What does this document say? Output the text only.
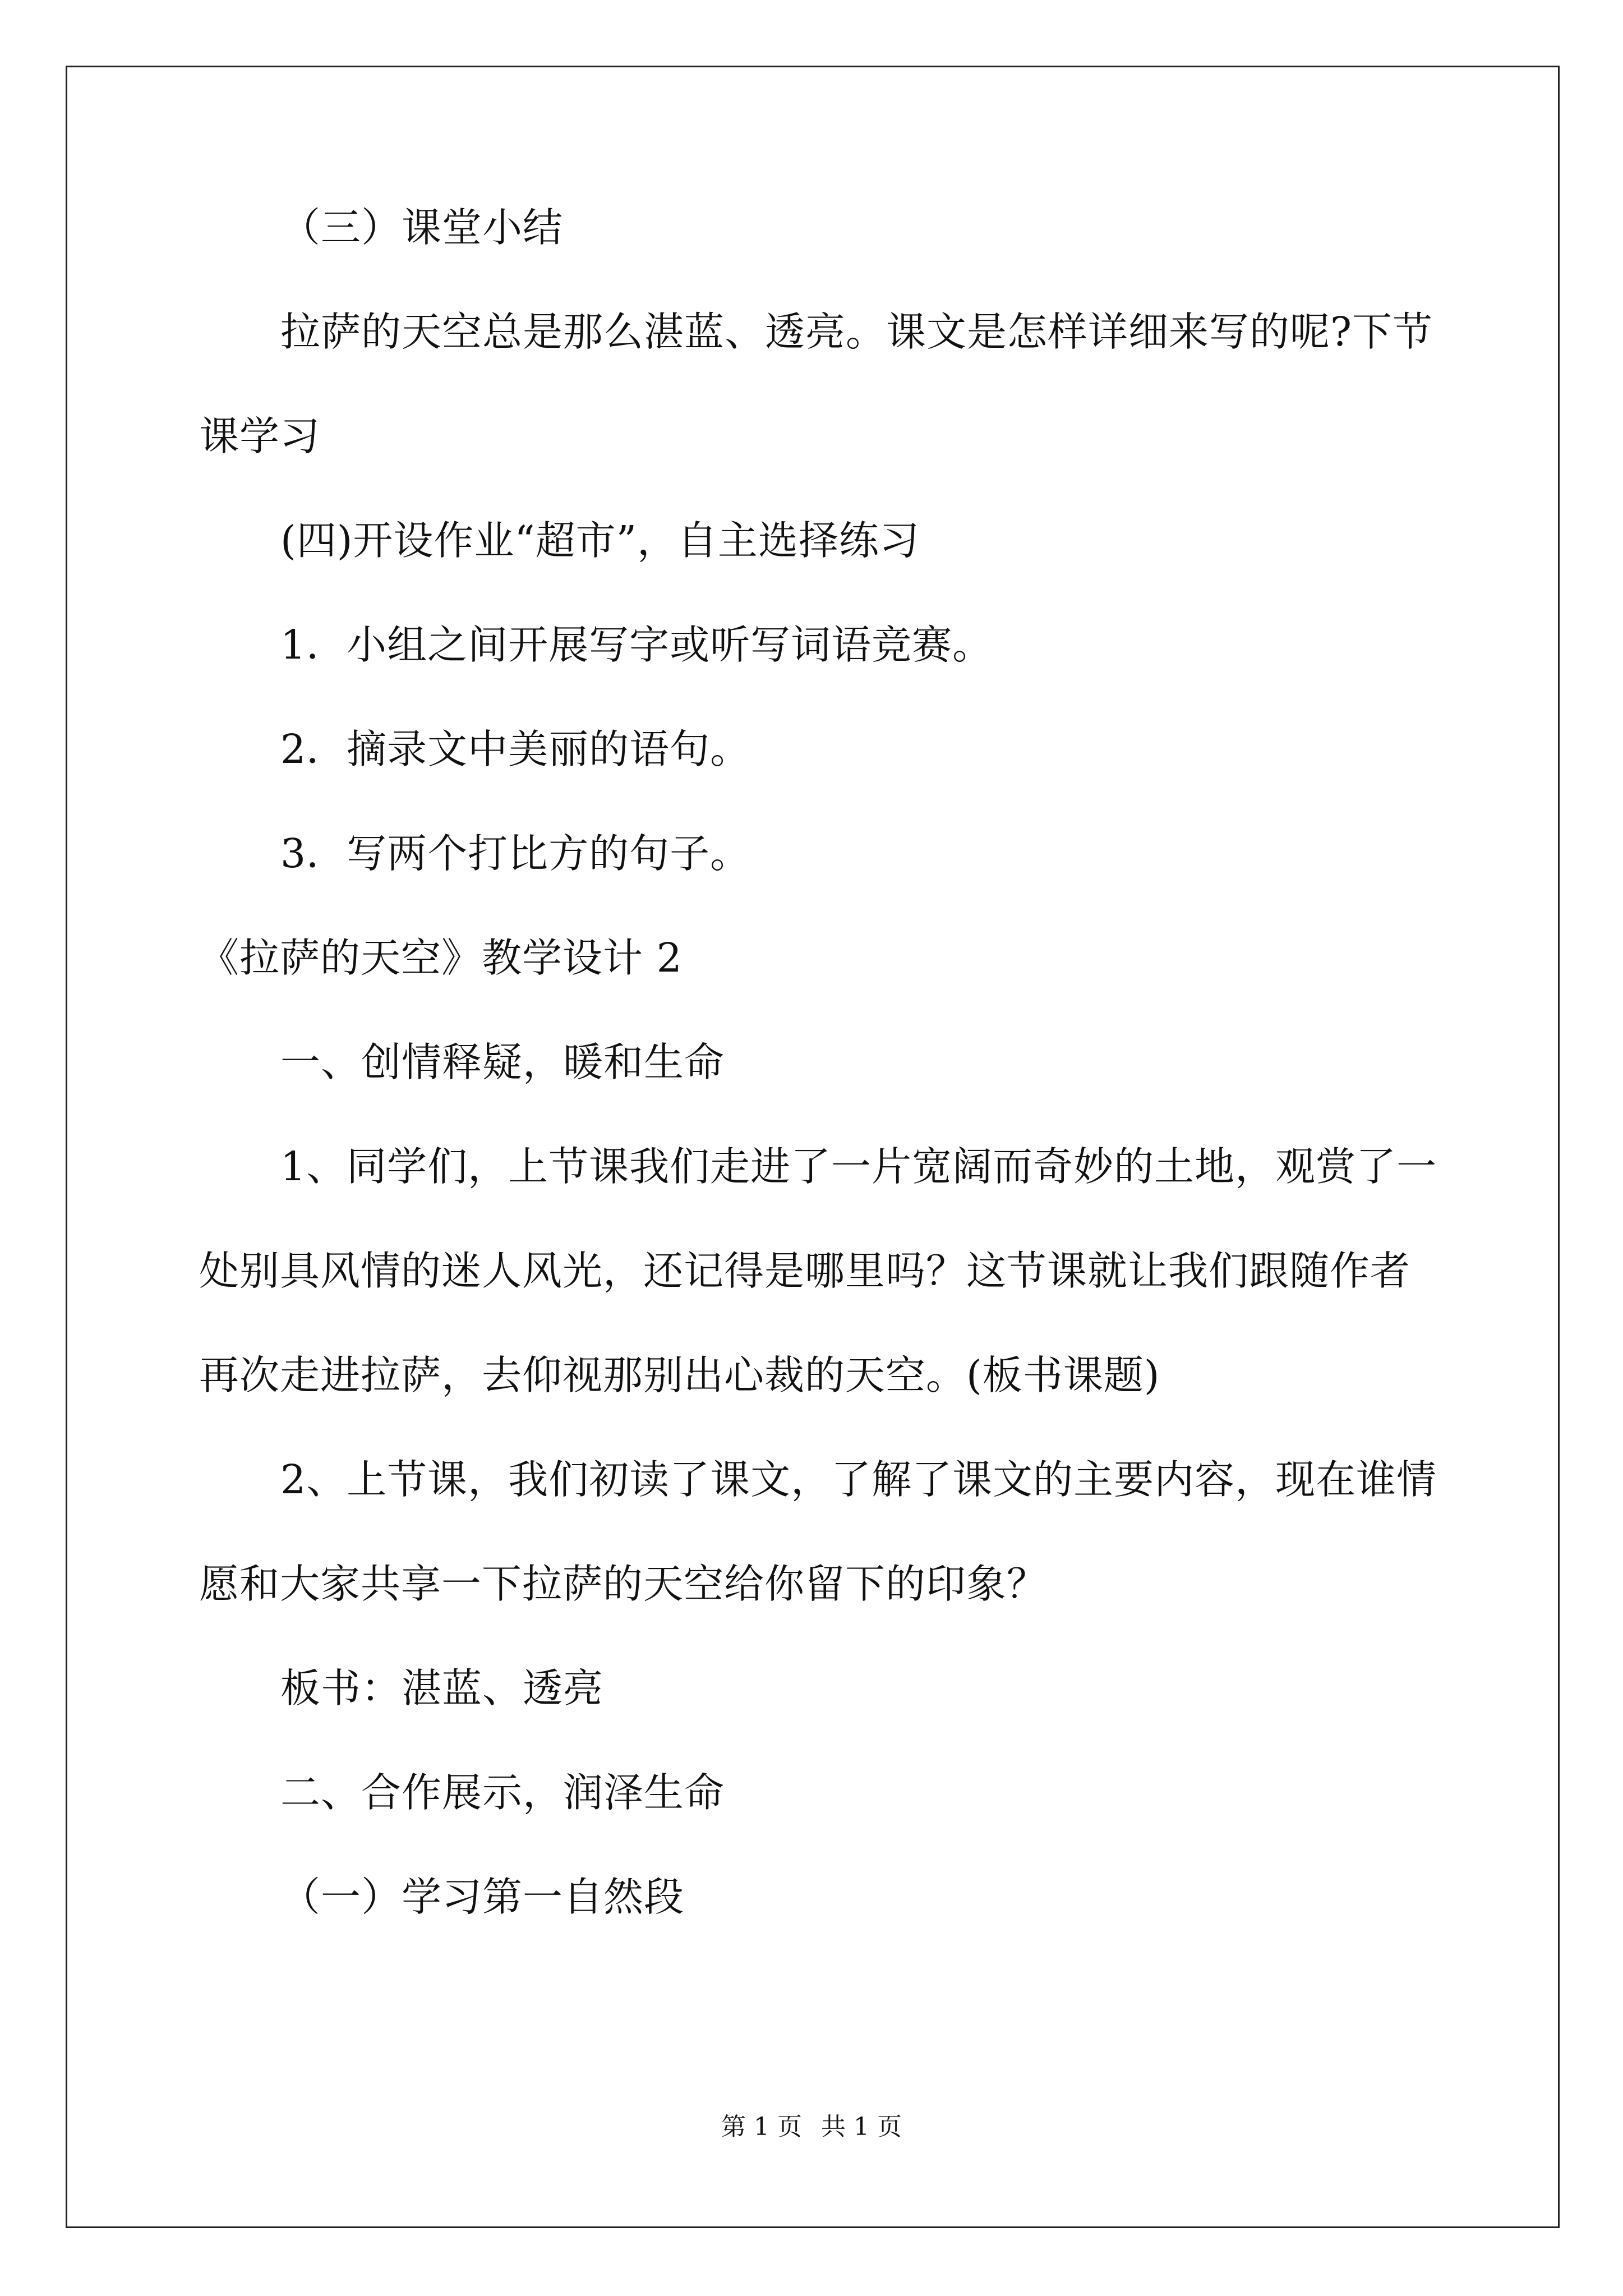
（三）课堂小结

拉萨的天空总是那么湛蓝、透亮。课文是怎样详细来写的呢?下节

课学习

(四)开设作业“超市”，自主选择练习

1．小组之间开展写字或听写词语竞赛。

2．摘录文中美丽的语句。

3．写两个打比方的句子。

《拉萨的天空》教学设计 2

一、创情释疑，暖和生命

1、同学们，上节课我们走进了一片宽阔而奇妙的土地，观赏了一

处别具风情的迷人风光，还记得是哪里吗？这节课就让我们跟随作者

再次走进拉萨，去仰视那别出心裁的天空。(板书课题)

2、上节课，我们初读了课文，了解了课文的主要内容，现在谁情

愿和大家共享一下拉萨的天空给你留下的印象？

板书：湛蓝、透亮

二、合作展示，润泽生命

（一）学习第一自然段

第 1 页 共 1 页
